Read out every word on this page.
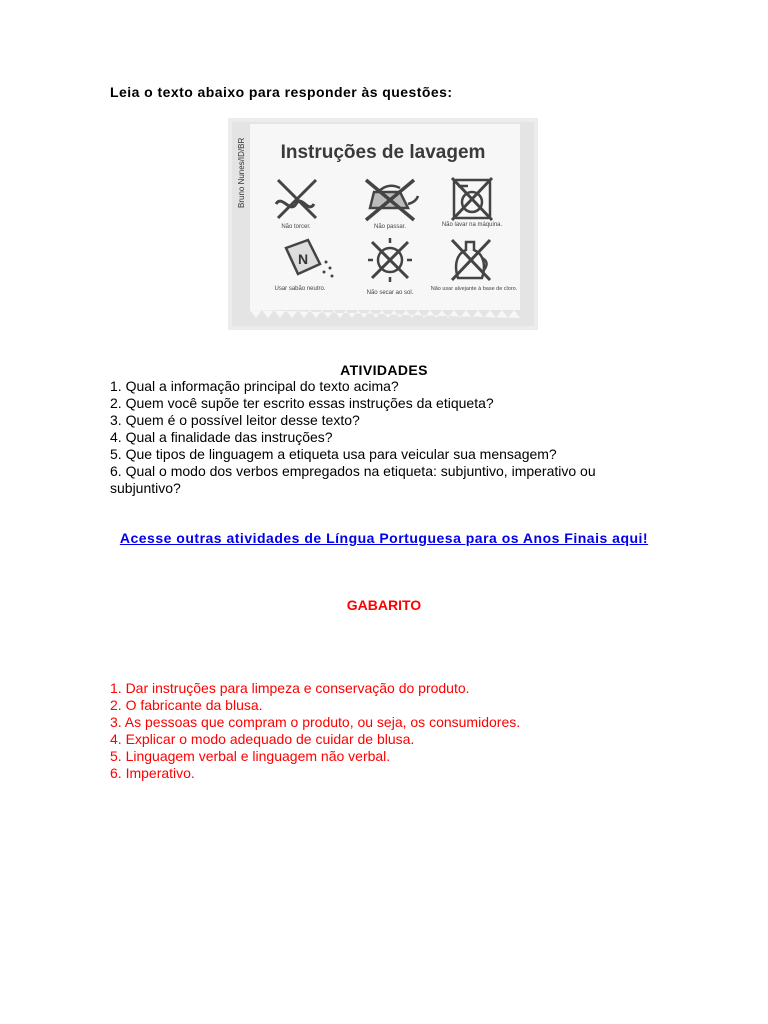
Leia o texto abaixo para responder às questões:

Bruno Nunes/ID/BR Instruções de lavagem
Não torcer.	Não passar.	Não lavar na máquina.
N
Usar sabão neutro.
Não secar ao sol.
Não usar alvejante à base de cloro.

ATIVIDADES

1. Qual a informação principal do texto acima?
2. Quem você supõe ter escrito essas instruções da etiqueta?
3. Quem é o possível leitor desse texto?
4. Qual a finalidade das instruções?
5. Que tipos de linguagem a etiqueta usa para veicular sua mensagem?
6. Qual o modo dos verbos empregados na etiqueta: subjuntivo, imperativo ou subjuntivo?
Acesse outras atividades de Língua Portuguesa para os Anos Finais aqui!

GABARITO

1. Dar instruções para limpeza e conservação do produto.
2. O fabricante da blusa.
3. As pessoas que compram o produto, ou seja, os consumidores.
4. Explicar o modo adequado de cuidar de blusa.
5. Linguagem verbal e linguagem não verbal.
6. Imperativo.
